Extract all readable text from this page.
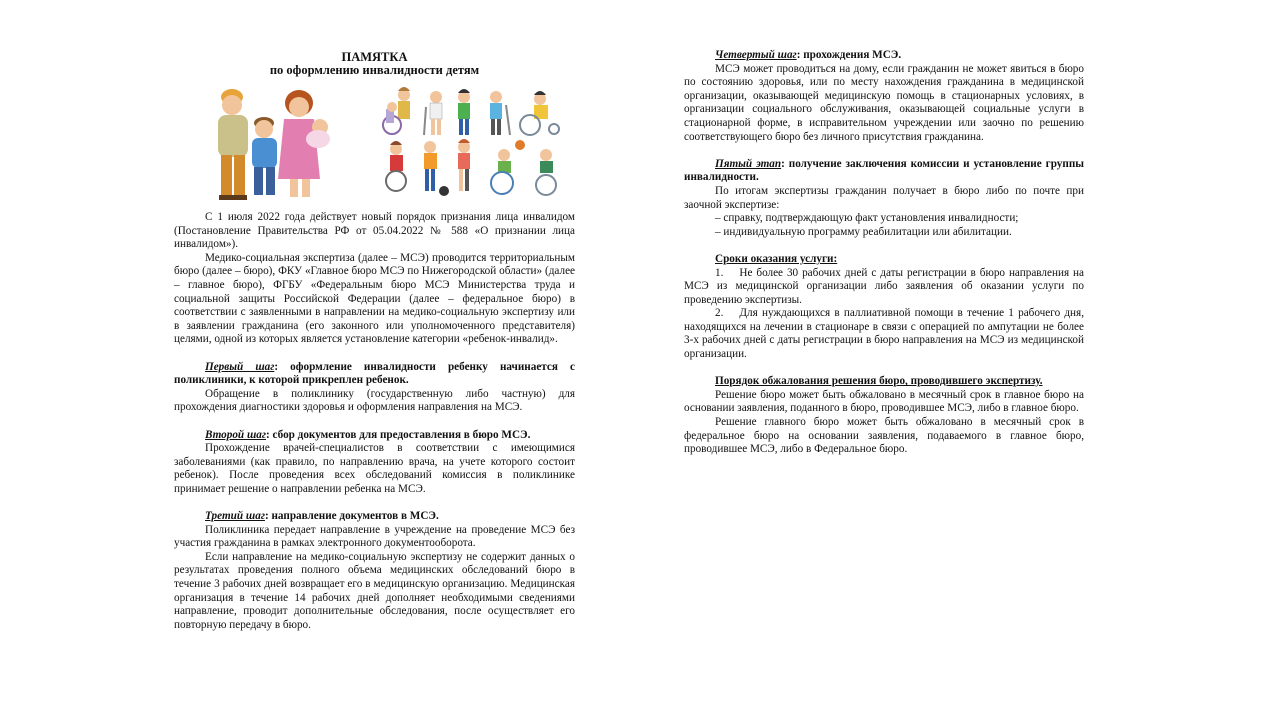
ПАМЯТКА
по оформлению инвалидности детям
С 1 июля 2022 года действует новый порядок признания лица инвалидом (Постановление Правительства РФ от 05.04.2022 № 588 «О признании лица инвалидом»).
Медико-социальная экспертиза (далее – МСЭ) проводится территориальным бюро (далее – бюро), ФКУ «Главное бюро МСЭ по Нижегородской области» (далее – главное бюро), ФГБУ «Федеральным бюро МСЭ Министерства труда и социальной защиты Российской Федерации (далее – федеральное бюро) в соответствии с заявленными в направлении на медико-социальную экспертизу или в заявлении гражданина (его законного или уполномоченного представителя) целями, одной из которых является установление категории «ребенок-инвалид».
Первый шаг: оформление инвалидности ребенку начинается с поликлиники, к которой прикреплен ребенок.
Обращение в поликлинику (государственную либо частную) для прохождения диагностики здоровья и оформления направления на МСЭ.
Второй шаг: сбор документов для предоставления в бюро МСЭ.
Прохождение врачей-специалистов в соответствии с имеющимися заболеваниями (как правило, по направлению врача, на учете которого состоит ребенок). После проведения всех обследований комиссия в поликлинике принимает решение о направлении ребенка на МСЭ.
Третий шаг: направление документов в МСЭ.
Поликлиника передает направление в учреждение на проведение МСЭ без участия гражданина в рамках электронного документооборота.
Если направление на медико-социальную экспертизу не содержит данных о результатах проведения полного объема медицинских обследований бюро в течение 3 рабочих дней возвращает его в медицинскую организацию. Медицинская организация в течение 14 рабочих дней дополняет необходимыми сведениями направление, проводит дополнительные обследования, после осуществляет его повторную передачу в бюро.
Четвертый шаг: прохождения МСЭ.
МСЭ может проводиться на дому, если гражданин не может явиться в бюро по состоянию здоровья, или по месту нахождения гражданина в медицинской организации, оказывающей медицинскую помощь в стационарных условиях, в организации социального обслуживания, оказывающей социальные услуги в стационарной форме, в исправительном учреждении или заочно по решению соответствующего бюро без личного присутствия гражданина.
Пятый этап: получение заключения комиссии и установление группы инвалидности.
По итогам экспертизы гражданин получает в бюро либо по почте при заочной экспертизе:
– справку, подтверждающую факт установления инвалидности;
– индивидуальную программу реабилитации или абилитации.
Сроки оказания услуги:
1. Не более 30 рабочих дней с даты регистрации в бюро направления на МСЭ из медицинской организации либо заявления об оказании услуги по проведению экспертизы.
2. Для нуждающихся в паллиативной помощи в течение 1 рабочего дня, находящихся на лечении в стационаре в связи с операцией по ампутации не более 3-х рабочих дней с даты регистрации в бюро направления на МСЭ из медицинской организации.
Порядок обжалования решения бюро, проводившего экспертизу.
Решение бюро может быть обжаловано в месячный срок в главное бюро на основании заявления, поданного в бюро, проводившее МСЭ, либо в главное бюро.
Решение главного бюро может быть обжаловано в месячный срок в федеральное бюро на основании заявления, подаваемого в главное бюро, проводившее МСЭ, либо в Федеральное бюро.
